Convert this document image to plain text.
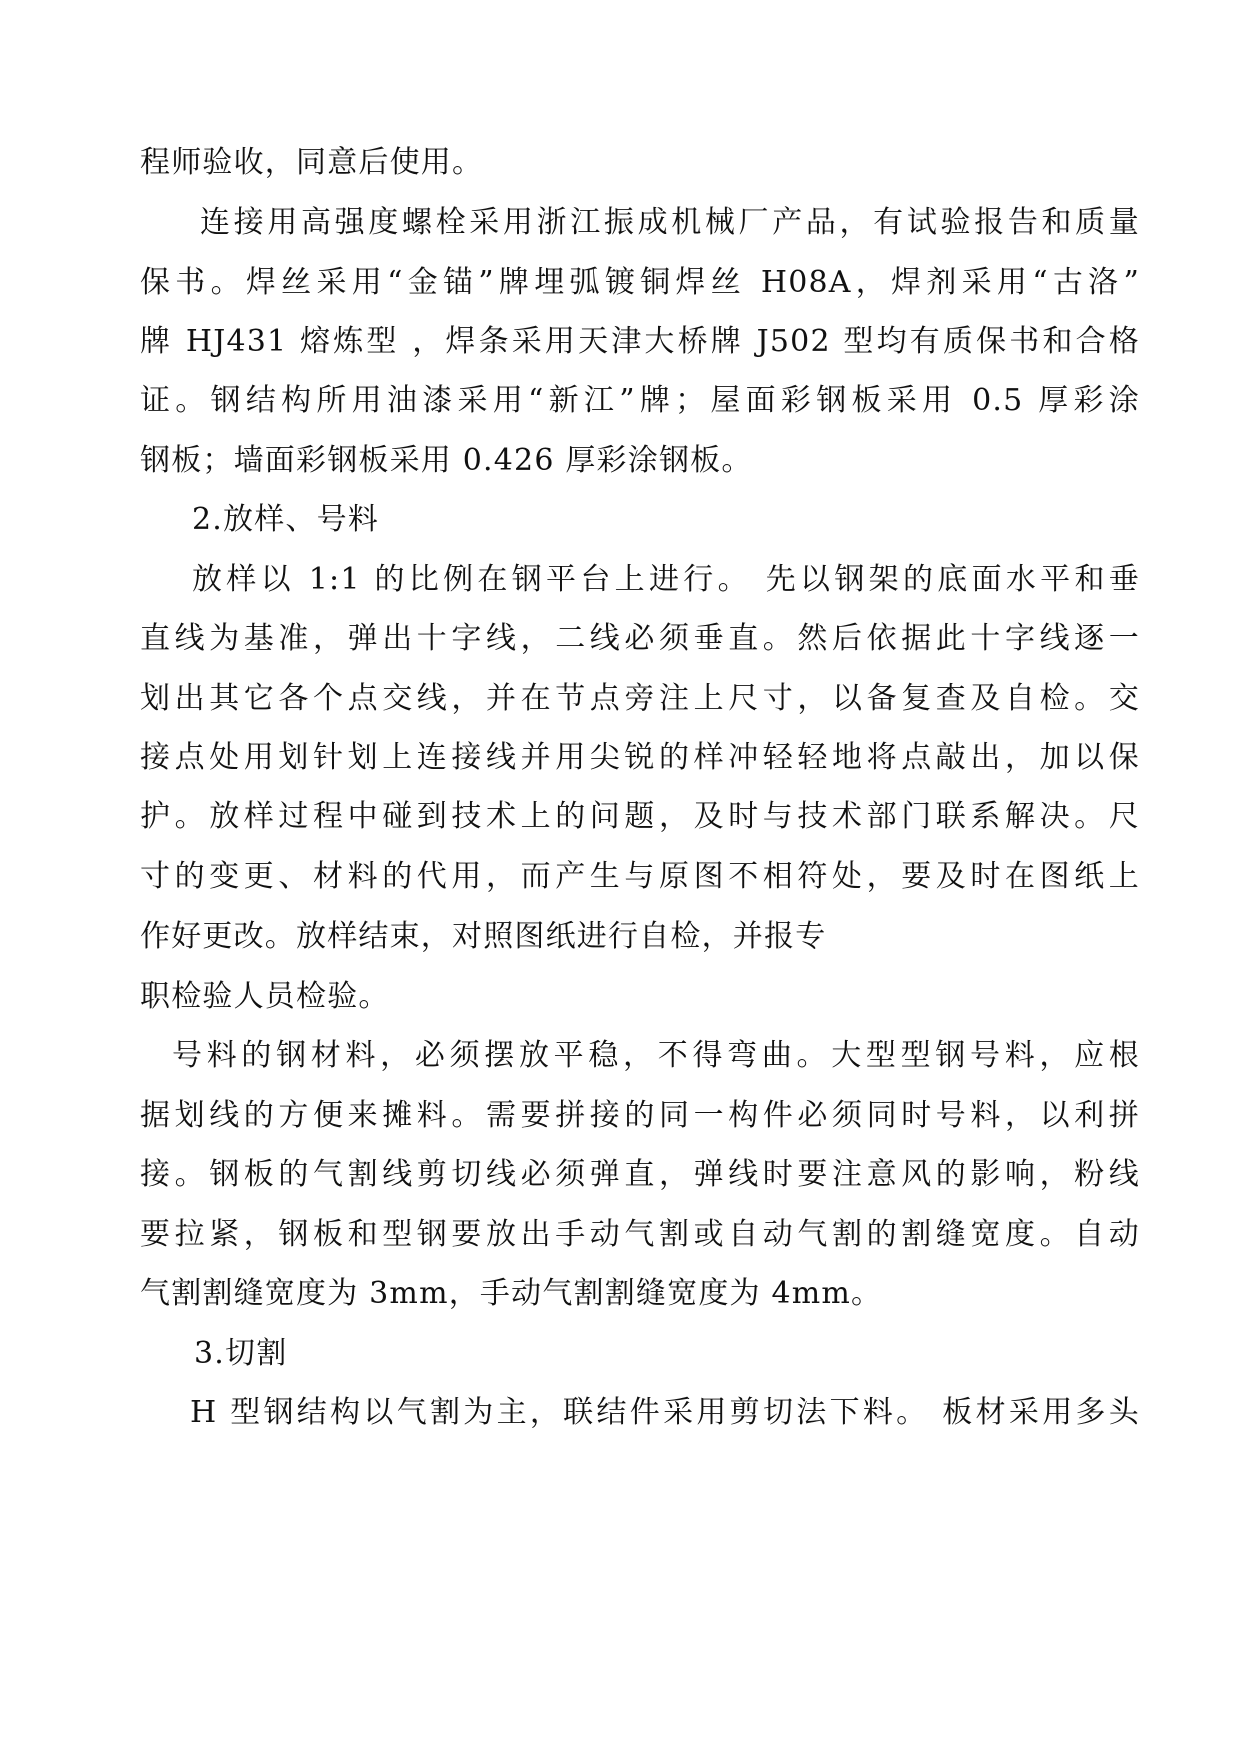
程师验收，同意后使用。
连接用高强度螺栓采用浙江振成机械厂产品，有试验报告和质量
保书。焊丝采用“金锚”牌埋弧镀铜焊丝 H08A，焊剂采用“古洛”
牌 HJ431 熔炼型 ，焊条采用天津大桥牌 J502 型均有质保书和合格
证。钢结构所用油漆采用“新江”牌；屋面彩钢板采用 0.5 厚彩涂
钢板；墙面彩钢板采用 0.426 厚彩涂钢板。
2.放样、号料
放样以 1:1 的比例在钢平台上进行。 先以钢架的底面水平和垂
直线为基准，弹出十字线，二线必须垂直。然后依据此十字线逐一
划出其它各个点交线，并在节点旁注上尺寸，以备复查及自检。交
接点处用划针划上连接线并用尖锐的样冲轻轻地将点敲出，加以保
护。放样过程中碰到技术上的问题，及时与技术部门联系解决。尺
寸的变更、材料的代用，而产生与原图不相符处，要及时在图纸上
作好更改。放样结束，对照图纸进行自检，并报专
职检验人员检验。
号料的钢材料，必须摆放平稳，不得弯曲。大型型钢号料，应根
据划线的方便来摊料。需要拼接的同一构件必须同时号料，以利拼
接。钢板的气割线剪切线必须弹直，弹线时要注意风的影响，粉线
要拉紧，钢板和型钢要放出手动气割或自动气割的割缝宽度。自动
气割割缝宽度为 3mm，手动气割割缝宽度为 4mm。
3.切割
H 型钢结构以气割为主，联结件采用剪切法下料。 板材采用多头
